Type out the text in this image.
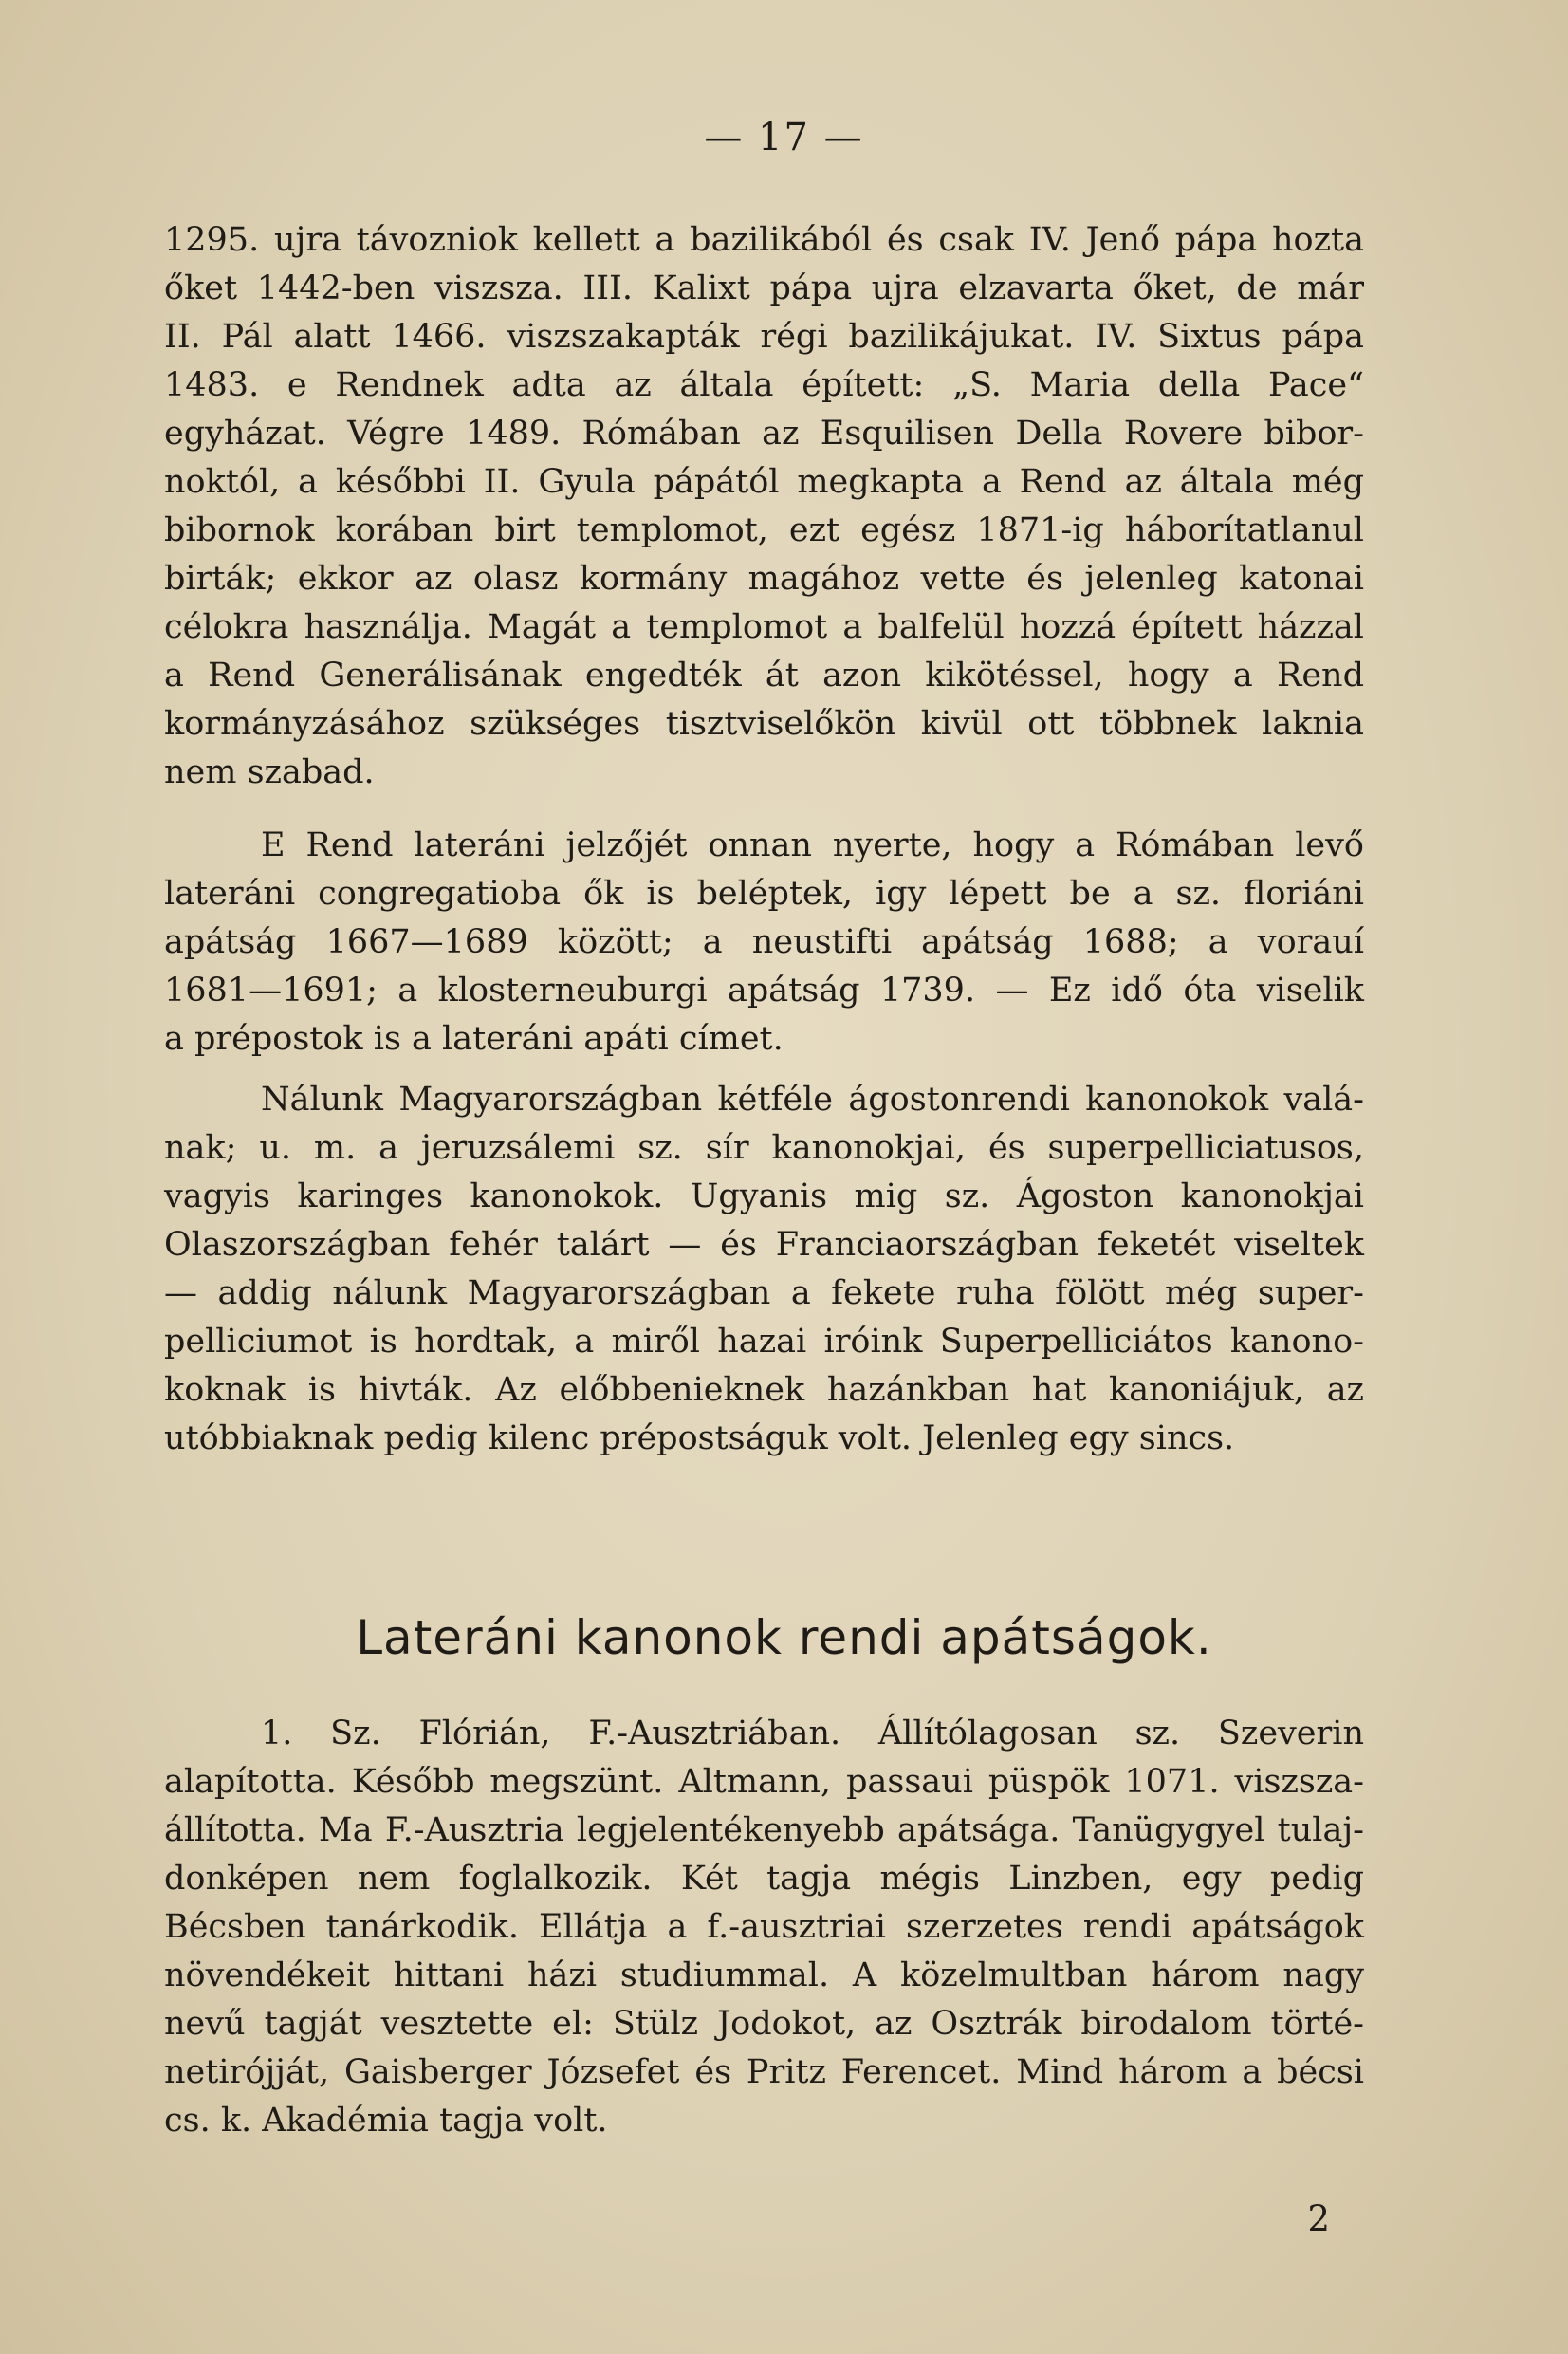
— 17 —
1295. ujra távozniok kellett a bazilikából és csak IV. Jenő pápa hozta
őket 1442-ben viszsza. III. Kalixt pápa ujra elzavarta őket, de már
II. Pál alatt 1466. viszszakapták régi bazilikájukat. IV. Sixtus pápa
1483. e Rendnek adta az általa épített: „S. Maria della Pace“
egyházat. Végre 1489. Rómában az Esquilisen Della Rovere bibor-
noktól, a későbbi II. Gyula pápától megkapta a Rend az általa még
bibornok korában birt templomot, ezt egész 1871-ig háborítatlanul
birták; ekkor az olasz kormány magához vette és jelenleg katonai
célokra használja. Magát a templomot a balfelül hozzá épített házzal
a Rend Generálisának engedték át azon kikötéssel, hogy a Rend
kormányzásához szükséges tisztviselőkön kivül ott többnek laknia
nem szabad.
E Rend lateráni jelzőjét onnan nyerte, hogy a Rómában levő
lateráni congregatioba ők is beléptek, igy lépett be a sz. floriáni
apátság 1667—1689 között; a neustifti apátság 1688; a vorauí
1681—1691; a klosterneuburgi apátság 1739. — Ez idő óta viselik
a prépostok is a lateráni apáti címet.
Nálunk Magyarországban kétféle ágostonrendi kanonokok valá-
nak; u. m. a jeruzsálemi sz. sír kanonokjai, és superpelliciatusos,
vagyis karinges kanonokok. Ugyanis mig sz. Ágoston kanonokjai
Olaszországban fehér talárt — és Franciaországban feketét viseltek
— addig nálunk Magyarországban a fekete ruha fölött még super-
pelliciumot is hordtak, a miről hazai iróink Superpelliciátos kanono-
koknak is hivták. Az előbbenieknek hazánkban hat kanoniájuk, az
utóbbiaknak pedig kilenc prépostságuk volt. Jelenleg egy sincs.
Lateráni kanonok rendi apátságok.
1. Sz. Flórián, F.-Ausztriában. Állítólagosan sz. Szeverin
alapította. Később megszünt. Altmann, passaui püspök 1071. viszsza-
állította. Ma F.-Ausztria legjelentékenyebb apátsága. Tanügygyel tulaj-
donképen nem foglalkozik. Két tagja mégis Linzben, egy pedig
Bécsben tanárkodik. Ellátja a f.-ausztriai szerzetes rendi apátságok
növendékeit hittani házi studiummal. A közelmultban három nagy
nevű tagját vesztette el: Stülz Jodokot, az Osztrák birodalom törté-
netirójját, Gaisberger Józsefet és Pritz Ferencet. Mind három a bécsi
cs. k. Akadémia tagja volt.
2
